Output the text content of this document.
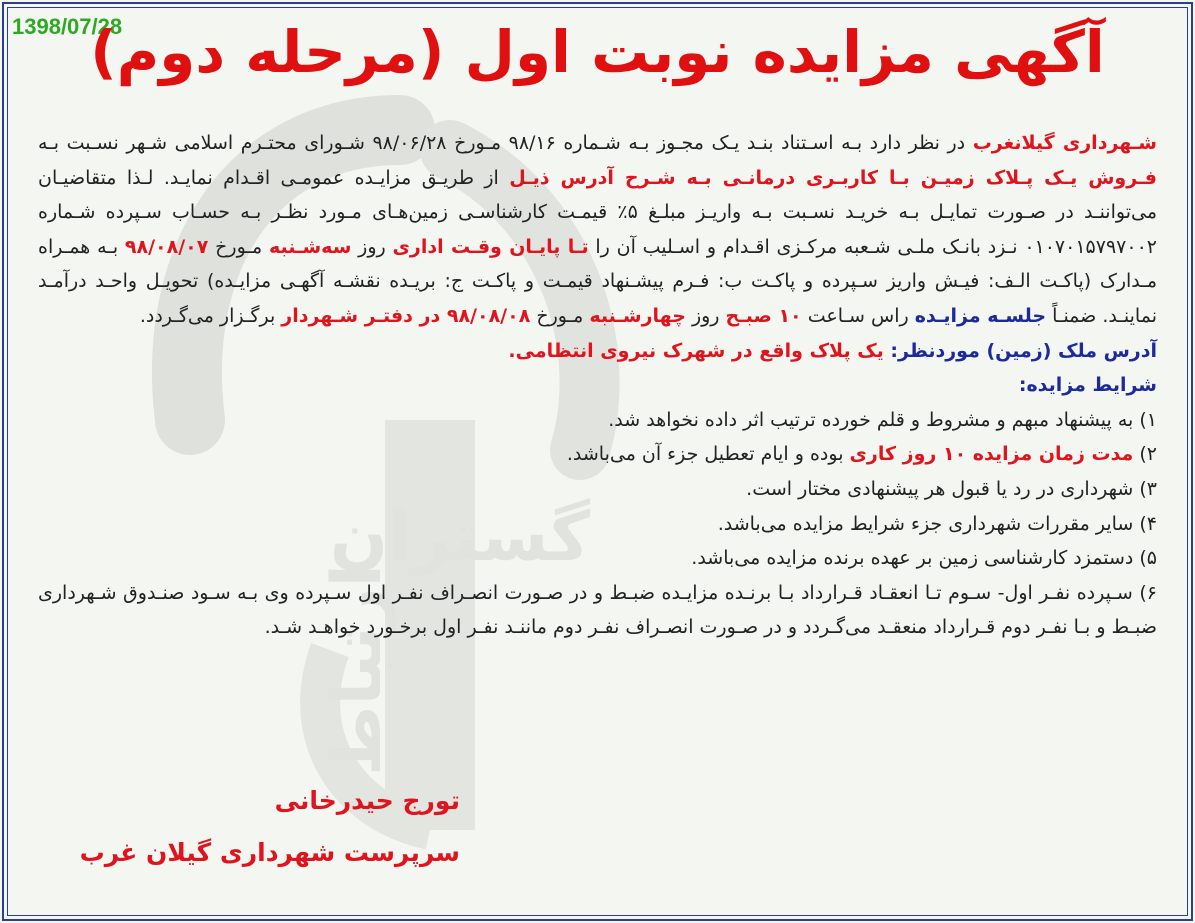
گستران
ارتباط
1398/07/28
آگهی مزایده نوبت اول (مرحله دوم)

شـهرداری گیلانغرب در نظر دارد بـه اسـتناد بنـد یـک مجـوز بـه شـماره ۹۸/۱۶ مـورخ ۹۸/۰۶/۲۸ شـورای محتـرم اسلامی شـهر نسـبت بـه فـروش یـک پـلاک زمیـن بـا کاربـری درمانـی بـه شـرح آدرس ذیـل از طریـق مزایـده عمومـی اقـدام نمایـد. لـذا متقاضیـان می‌تواننـد در صـورت تمایـل بـه خریـد نسـبت بـه واریـز مبلـغ ۵٪ قیمـت کارشناسـی زمین‌هـای مـورد نظـر بـه حسـاب سـپرده شـماره ۰۱۰۷۰۱۵۷۹۷۰۰۲ نـزد بانـک ملـی شـعبه مرکـزی اقـدام و اسـلیب آن را تـا پایـان وقـت اداری روز سه‌شـنبه مـورخ ۹۸/۰۸/۰۷ بـه همـراه مـدارک (پاکـت الـف: فیـش واریز سـپرده و پاکـت ب: فـرم پیشـنهاد قیمـت و پاکـت ج: بریـده نقشـه آگهـی مزایـده) تحویـل واحـد درآمـد نماینـد. ضمنـاً جلسـه مزایـده راس سـاعت ۱۰ صبـح روز چهارشـنبه مـورخ ۹۸/۰۸/۰۸ در دفتـر شـهردار برگـزار می‌گـردد.

آدرس ملک (زمین) موردنظر: یک پلاک واقع در شهرک نیروی انتظامی.

شرایط مزایده:

۱) به پیشنهاد مبهم و مشروط و قلم خورده ترتیب اثر داده نخواهد شد.
۲) مدت زمان مزایده ۱۰ روز کاری بوده و ایام تعطیل جزء آن می‌باشد.
۳) شهرداری در رد یا قبول هر پیشنهادی مختار است.
۴) سایر مقررات شهرداری جزء شرایط مزایده می‌باشد.
۵) دستمزد کارشناسی زمین بر عهده برنده مزایده می‌باشد.
۶) سـپرده نفـر اول- سـوم تـا انعقـاد قـرارداد بـا برنـده مزایـده ضبـط و در صـورت انصـراف نفـر اول سـپرده وی بـه سـود صنـدوق شـهرداری ضبـط و بـا نفـر دوم قـرارداد منعقـد می‌گـردد و در صـورت انصـراف نفـر دوم ماننـد نفـر اول برخـورد خواهـد شـد.
تورج حیدرخانی
سرپرست شهرداری گیلان غرب
